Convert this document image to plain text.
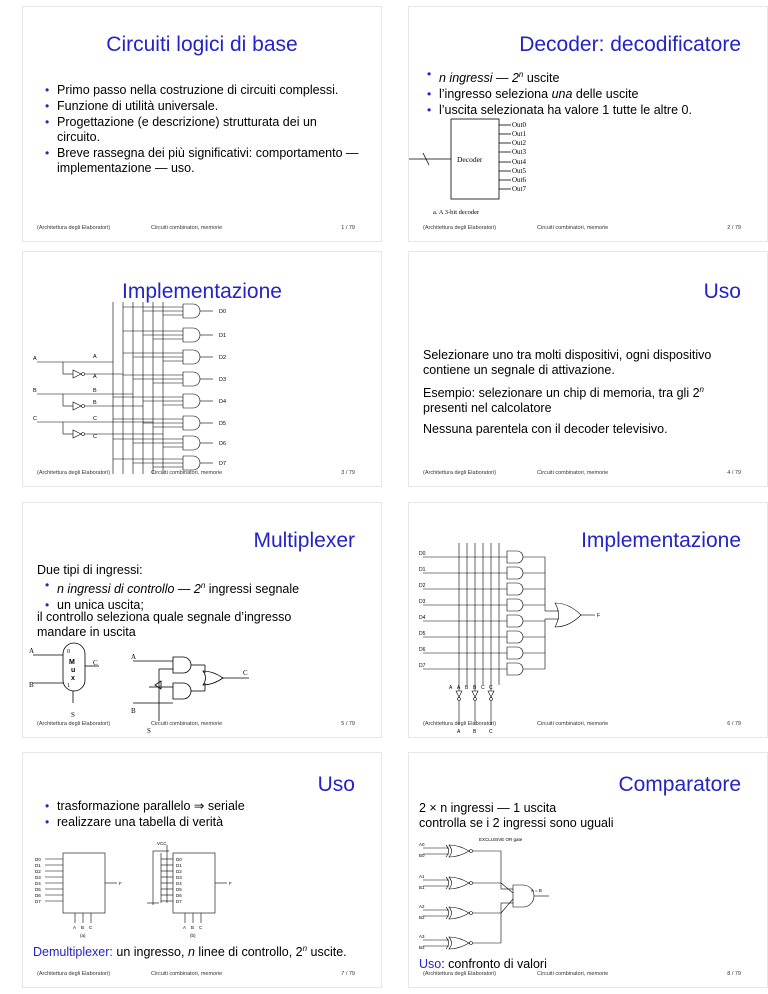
Circuiti logici di base
• Primo passo nella costruzione di circuiti complessi.
• Funzione di utilità universale.
• Progettazione (e descrizione) strutturata dei un circuito.
• Breve rassegna dei più significativi: comportamento — implementazione — uso.
(Architettura degli Elaboratori)	Circuiti combinatori, memorie	1 / 79
Decoder: decodificatore
• n ingressi — 2$^n$ uscite
• l’ingresso seleziona una delle uscite
• l’uscita selezionata ha valore 1 tutte le altre 0.
3
Decoder
Out0
Out1
Out2
Out3
Out4
Out5
Out6
Out7
a. A 3-bit decoder
(Architettura degli Elaboratori)	Circuiti combinatori, memorie	2 / 79
Implementazione
A
B
C
A
A
B
B
C
C
D0
D1
D2
D3
D4
D5
D6
D7
(Architettura degli Elaboratori)	Circuiti combinatori, memorie	3 / 79
Uso
Selezionare uno tra molti dispositivi, ogni dispositivo contiene un segnale di attivazione.
Esempio: selezionare un chip di memoria, tra gli 2$^n$ presenti nel calcolatore
Nessuna parentela con il decoder televisivo.
(Architettura degli Elaboratori)	Circuiti combinatori, memorie	4 / 79
Multiplexer
Due tipi di ingressi:
• n ingressi di controllo — 2$^n$ ingressi segnale
• un unica uscita;
il controllo seleziona quale segnale d’ingresso mandare in uscita
A
B
C
S
0
1
M
u
x
A
B
C
S
(Architettura degli Elaboratori)	Circuiti combinatori, memorie	5 / 79
Implementazione
D0
D1
D2
D3
D4
D5
D6
D7
F
A A B B C C
A	B	C
(Architettura degli Elaboratori)	Circuiti combinatori, memorie	6 / 79
Uso
• trasformazione parallelo ⇒ seriale
• realizzare una tabella di verità
D0
D1
D2
D3
D4
D5
D6
D7
F
A B C
(a)
VCC
D0
D1
D2
D3
D4
D5
D6
D7
F
A B C
(b)
Demultiplexer: un ingresso, n linee di controllo, 2$^n$ uscite.
(Architettura degli Elaboratori)	Circuiti combinatori, memorie	7 / 79
Comparatore
2 × n ingressi — 1 uscita
controlla se i 2 ingressi sono uguali
EXCLUSIVE OR gate
A0
B0
A1
B1
A2
B2
A3
B3
A = B
Uso: confronto di valori
(Architettura degli Elaboratori)	Circuiti combinatori, memorie	8 / 79
